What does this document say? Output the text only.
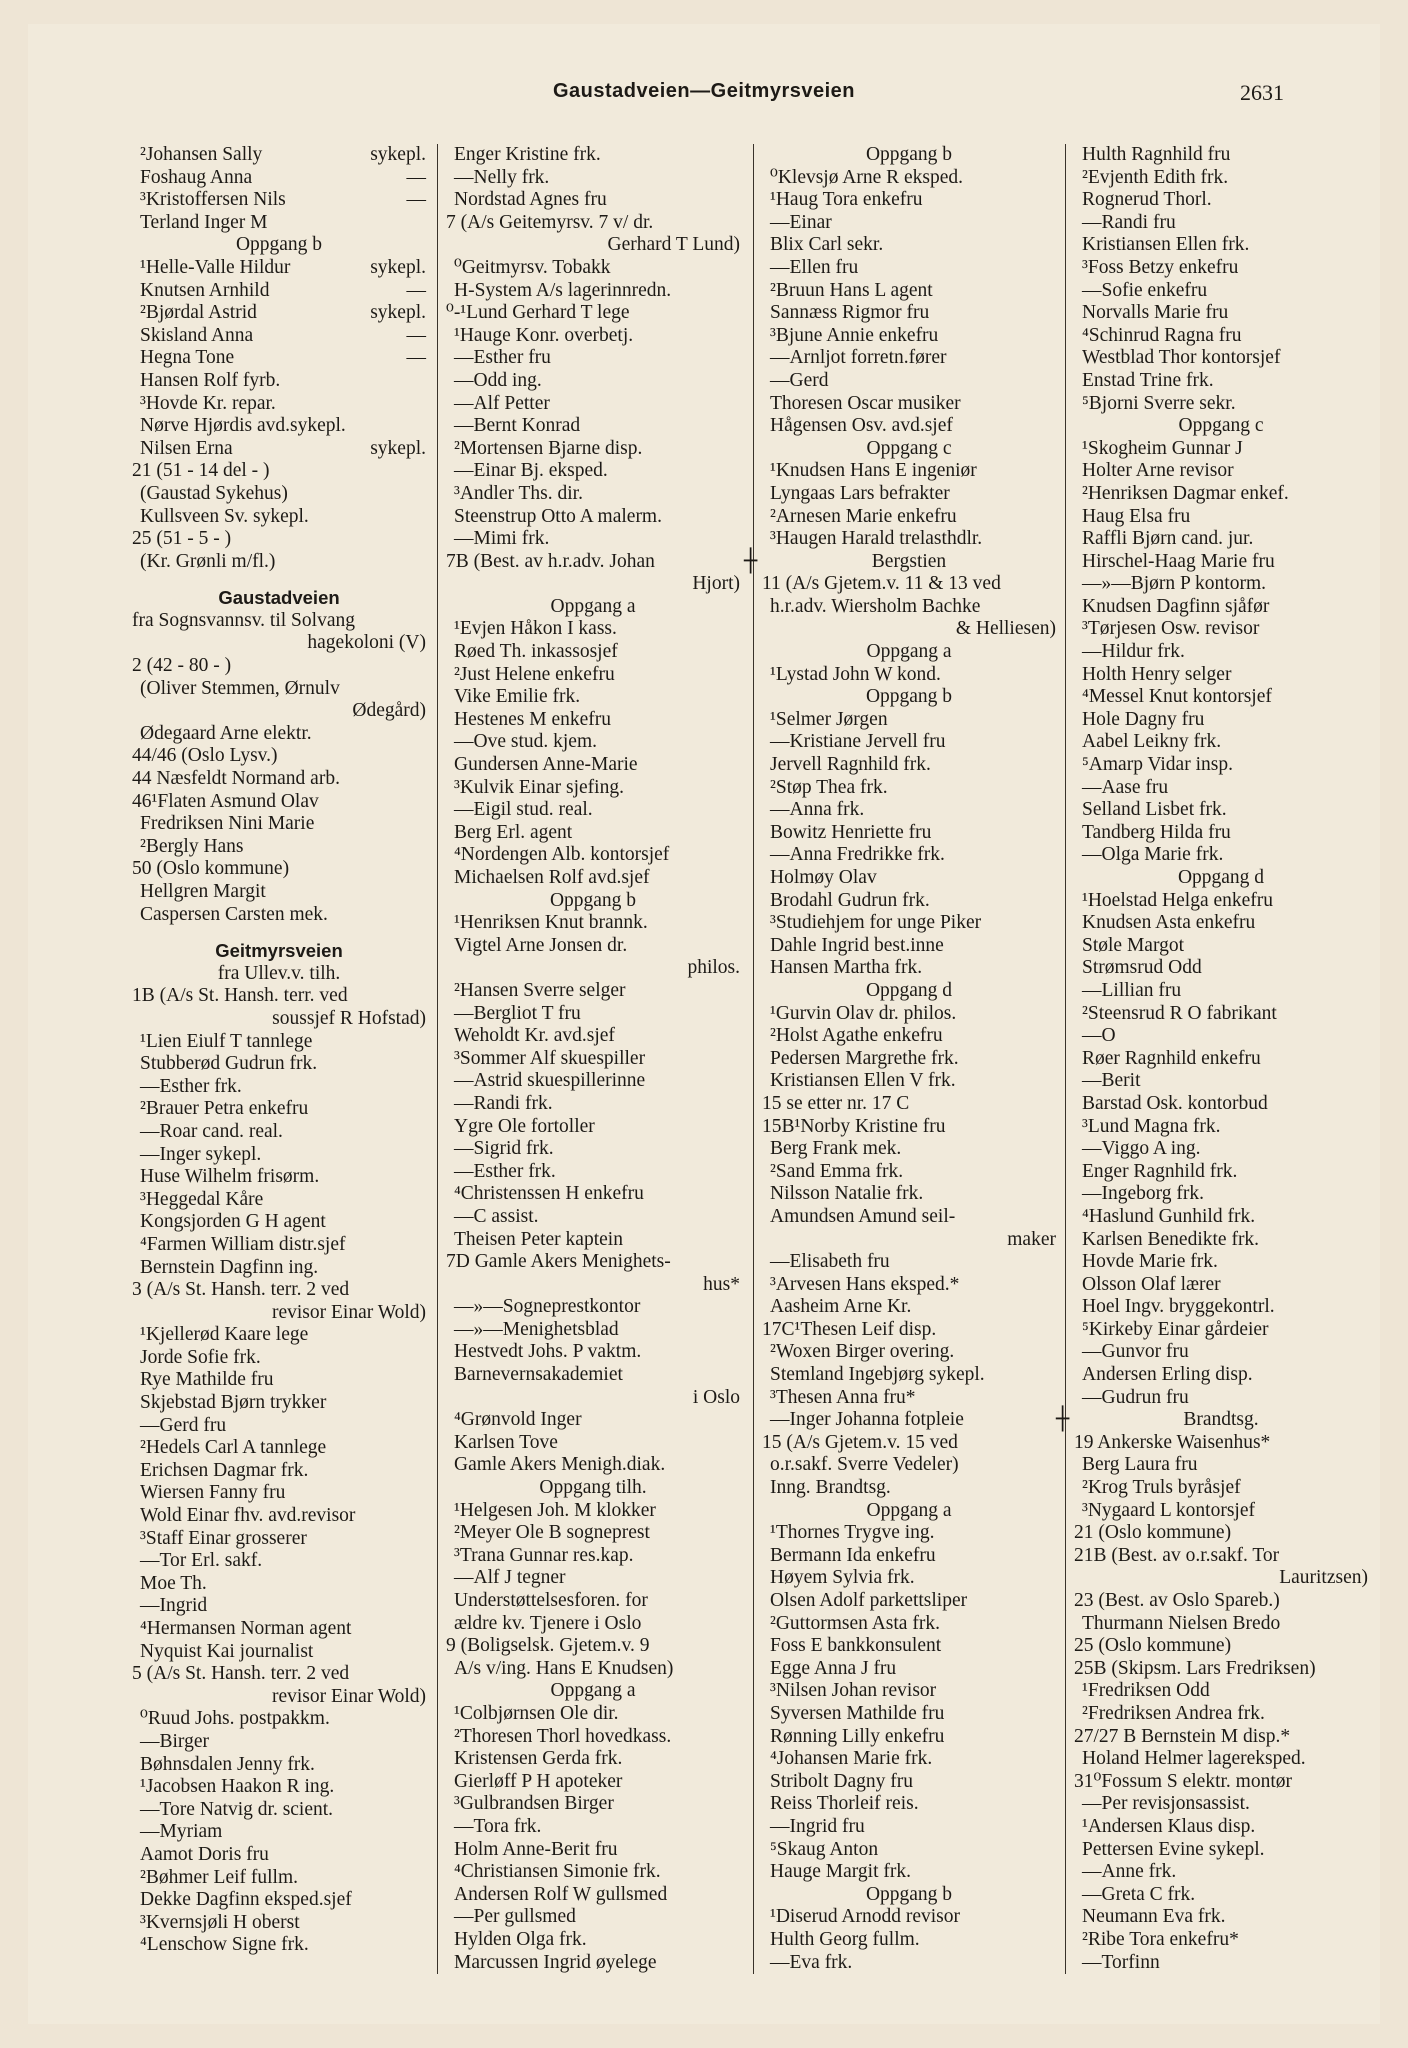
Gaustadveien—Geitmyrsveien	2631
²Johansen Sally	sykepl.
Foshaug Anna	—
³Kristoffersen Nils	—
Terland Inger M
Oppgang b
¹Helle-Valle Hildur	sykepl.
Knutsen Arnhild	—
²Bjørdal Astrid	sykepl.
Skisland Anna	—
Hegna Tone	—
Hansen Rolf fyrb.
³Hovde Kr. repar.
Nørve Hjørdis avd.sykepl.
Nilsen Erna	sykepl.
21 (51 - 14 del - )
(Gaustad Sykehus)
Kullsveen Sv. sykepl.
25 (51 - 5 - )
(Kr. Grønli m/fl.)
Gaustadveien
fra Sognsvannsv. til Solvang
hagekoloni (V)
2 (42 - 80 - )
(Oliver Stemmen, Ørnulv
Ødegård)
Ødegaard Arne elektr.
44/46 (Oslo Lysv.)
44 Næsfeldt Normand arb.
46¹Flaten Asmund Olav
Fredriksen Nini Marie
²Bergly Hans
50 (Oslo kommune)
Hellgren Margit
Caspersen Carsten mek.
Geitmyrsveien
fra Ullev.v. tilh.
1B (A/s St. Hansh. terr. ved
soussjef R Hofstad)
¹Lien Eiulf T tannlege
Stubberød Gudrun frk.
—Esther frk.
²Brauer Petra enkefru
—Roar cand. real.
—Inger sykepl.
Huse Wilhelm frisørm.
³Heggedal Kåre
Kongsjorden G H agent
⁴Farmen William distr.sjef
Bernstein Dagfinn ing.
3 (A/s St. Hansh. terr. 2 ved
revisor Einar Wold)
¹Kjellerød Kaare lege
Jorde Sofie frk.
Rye Mathilde fru
Skjebstad Bjørn trykker
—Gerd fru
²Hedels Carl A tannlege
Erichsen Dagmar frk.
Wiersen Fanny fru
Wold Einar fhv. avd.revisor
³Staff Einar grosserer
—Tor Erl. sakf.
Moe Th.
—Ingrid
⁴Hermansen Norman agent
Nyquist Kai journalist
5 (A/s St. Hansh. terr. 2 ved
revisor Einar Wold)
⁰Ruud Johs. postpakkm.
—Birger
Bøhnsdalen Jenny frk.
¹Jacobsen Haakon R ing.
—Tore Natvig dr. scient.
—Myriam
Aamot Doris fru
²Bøhmer Leif fullm.
Dekke Dagfinn eksped.sjef
³Kvernsjøli H oberst
⁴Lenschow Signe frk.
Enger Kristine frk.
—Nelly frk.
Nordstad Agnes fru
7 (A/s Geitemyrsv. 7 v/ dr.
Gerhard T Lund)
⁰Geitmyrsv. Tobakk
H-System A/s lagerinnredn.
⁰-¹Lund Gerhard T lege
¹Hauge Konr. overbetj.
—Esther fru
—Odd ing.
—Alf Petter
—Bernt Konrad
²Mortensen Bjarne disp.
—Einar Bj. eksped.
³Andler Ths. dir.
Steenstrup Otto A malerm.
—Mimi frk.
7B (Best. av h.r.adv. Johan
Hjort)
Oppgang a
¹Evjen Håkon I kass.
Røed Th. inkassosjef
²Just Helene enkefru
Vike Emilie frk.
Hestenes M enkefru
—Ove stud. kjem.
Gundersen Anne-Marie
³Kulvik Einar sjefing.
—Eigil stud. real.
Berg Erl. agent
⁴Nordengen Alb. kontorsjef
Michaelsen Rolf avd.sjef
Oppgang b
¹Henriksen Knut brannk.
Vigtel Arne Jonsen dr.
philos.
²Hansen Sverre selger
—Bergliot T fru
Weholdt Kr. avd.sjef
³Sommer Alf skuespiller
—Astrid skuespillerinne
—Randi frk.
Ygre Ole fortoller
—Sigrid frk.
—Esther frk.
⁴Christenssen H enkefru
—C assist.
Theisen Peter kaptein
7D Gamle Akers Menighets-
hus*
—»—Sogneprestkontor
—»—Menighetsblad
Hestvedt Johs. P vaktm.
Barnevernsakademiet
i Oslo
⁴Grønvold Inger
Karlsen Tove
Gamle Akers Menigh.diak.
Oppgang tilh.
¹Helgesen Joh. M klokker
²Meyer Ole B sogneprest
³Trana Gunnar res.kap.
—Alf J tegner
Understøttelsesforen. for
ældre kv. Tjenere i Oslo
9 (Boligselsk. Gjetem.v. 9
A/s v/ing. Hans E Knudsen)
Oppgang a
¹Colbjørnsen Ole dir.
²Thoresen Thorl hovedkass.
Kristensen Gerda frk.
Gierløff P H apoteker
³Gulbrandsen Birger
—Tora frk.
Holm Anne-Berit fru
⁴Christiansen Simonie frk.
Andersen Rolf W gullsmed
—Per gullsmed
Hylden Olga frk.
Marcussen Ingrid øyelege
Oppgang b
⁰Klevsjø Arne R eksped.
¹Haug Tora enkefru
—Einar
Blix Carl sekr.
—Ellen fru
²Bruun Hans L agent
Sannæss Rigmor fru
³Bjune Annie enkefru
—Arnljot forretn.fører
—Gerd
Thoresen Oscar musiker
Hågensen Osv. avd.sjef
Oppgang c
¹Knudsen Hans E ingeniør
Lyngaas Lars befrakter
²Arnesen Marie enkefru
³Haugen Harald trelasthdlr.
┼	Bergstien
11 (A/s Gjetem.v. 11 & 13 ved
h.r.adv. Wiersholm Bachke
& Helliesen)
Oppgang a
¹Lystad John W kond.
Oppgang b
¹Selmer Jørgen
—Kristiane Jervell fru
Jervell Ragnhild frk.
²Støp Thea frk.
—Anna frk.
Bowitz Henriette fru
—Anna Fredrikke frk.
Holmøy Olav
Brodahl Gudrun frk.
³Studiehjem for unge Piker
Dahle Ingrid best.inne
Hansen Martha frk.
Oppgang d
¹Gurvin Olav dr. philos.
²Holst Agathe enkefru
Pedersen Margrethe frk.
Kristiansen Ellen V frk.
15 se etter nr. 17 C
15B¹Norby Kristine fru
Berg Frank mek.
²Sand Emma frk.
Nilsson Natalie frk.
Amundsen Amund seil-
maker
—Elisabeth fru
³Arvesen Hans eksped.*
Aasheim Arne Kr.
17C¹Thesen Leif disp.
²Woxen Birger overing.
Stemland Ingebjørg sykepl.
³Thesen Anna fru*
—Inger Johanna fotpleie
15 (A/s Gjetem.v. 15 ved
o.r.sakf. Sverre Vedeler)
Inng. Brandtsg.
Oppgang a
¹Thornes Trygve ing.
Bermann Ida enkefru
Høyem Sylvia frk.
Olsen Adolf parkettsliper
²Guttormsen Asta frk.
Foss E bankkonsulent
Egge Anna J fru
³Nilsen Johan revisor
Syversen Mathilde fru
Rønning Lilly enkefru
⁴Johansen Marie frk.
Stribolt Dagny fru
Reiss Thorleif reis.
—Ingrid fru
⁵Skaug Anton
Hauge Margit frk.
Oppgang b
¹Diserud Arnodd revisor
Hulth Georg fullm.
—Eva frk.
Hulth Ragnhild fru
²Evjenth Edith frk.
Rognerud Thorl.
—Randi fru
Kristiansen Ellen frk.
³Foss Betzy enkefru
—Sofie enkefru
Norvalls Marie fru
⁴Schinrud Ragna fru
Westblad Thor kontorsjef
Enstad Trine frk.
⁵Bjorni Sverre sekr.
Oppgang c
¹Skogheim Gunnar J
Holter Arne revisor
²Henriksen Dagmar enkef.
Haug Elsa fru
Raffli Bjørn cand. jur.
Hirschel-Haag Marie fru
—»—Bjørn P kontorm.
Knudsen Dagfinn sjåfør
³Tørjesen Osw. revisor
—Hildur frk.
Holth Henry selger
⁴Messel Knut kontorsjef
Hole Dagny fru
Aabel Leikny frk.
⁵Amarp Vidar insp.
—Aase fru
Selland Lisbet frk.
Tandberg Hilda fru
—Olga Marie frk.
Oppgang d
¹Hoelstad Helga enkefru
Knudsen Asta enkefru
Støle Margot
Strømsrud Odd
—Lillian fru
²Steensrud R O fabrikant
—O
Røer Ragnhild enkefru
—Berit
Barstad Osk. kontorbud
³Lund Magna frk.
—Viggo A ing.
Enger Ragnhild frk.
—Ingeborg frk.
⁴Haslund Gunhild frk.
Karlsen Benedikte frk.
Hovde Marie frk.
Olsson Olaf lærer
Hoel Ingv. bryggekontrl.
⁵Kirkeby Einar gårdeier
—Gunvor fru
Andersen Erling disp.
—Gudrun fru
┼	Brandtsg.
19 Ankerske Waisenhus*
Berg Laura fru
²Krog Truls byråsjef
³Nygaard L kontorsjef
21 (Oslo kommune)
21B (Best. av o.r.sakf. Tor
Lauritzsen)
23 (Best. av Oslo Spareb.)
Thurmann Nielsen Bredo
25 (Oslo kommune)
25B (Skipsm. Lars Fredriksen)
¹Fredriksen Odd
²Fredriksen Andrea frk.
27/27 B Bernstein M disp.*
Holand Helmer lagereksped.
31⁰Fossum S elektr. montør
—Per revisjonsassist.
¹Andersen Klaus disp.
Pettersen Evine sykepl.
—Anne frk.
—Greta C frk.
Neumann Eva frk.
²Ribe Tora enkefru*
—Torfinn
